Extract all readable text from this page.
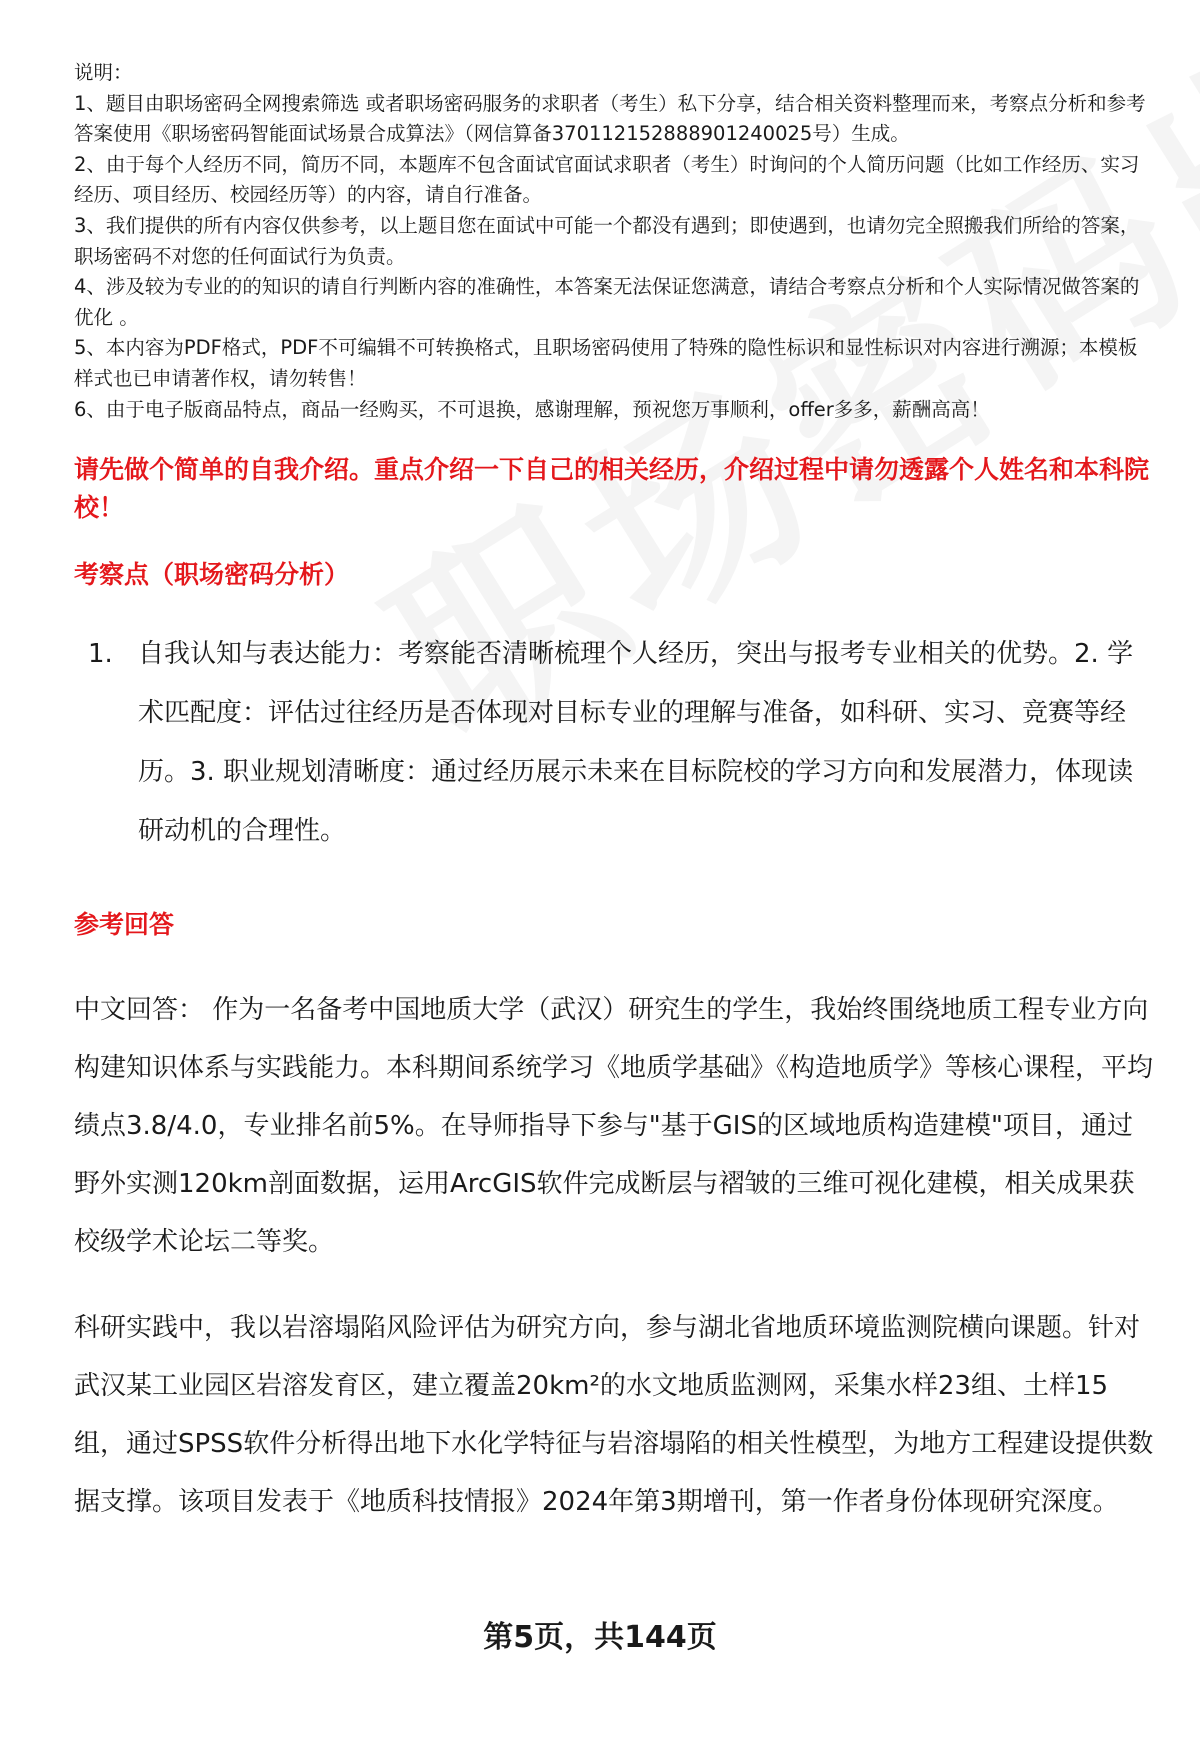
说明：

1、题目由职场密码全网搜索筛选 或者职场密码服务的求职者（考生）私下分享，结合相关资料整理而来，考察点分析和参考答案使用《职场密码智能面试场景合成算法》（网信算备370112152888901240025号）生成。

2、由于每个人经历不同，简历不同，本题库不包含面试官面试求职者（考生）时询问的个人简历问题（比如工作经历、实习经历、项目经历、校园经历等）的内容，请自行准备。

3、我们提供的所有内容仅供参考，以上题目您在面试中可能一个都没有遇到；即使遇到，也请勿完全照搬我们所给的答案，职场密码不对您的任何面试行为负责。

4、涉及较为专业的的知识的请自行判断内容的准确性，本答案无法保证您满意，请结合考察点分析和个人实际情况做答案的优化 。

5、本内容为PDF格式，PDF不可编辑不可转换格式，且职场密码使用了特殊的隐性标识和显性标识对内容进行溯源；本模板样式也已申请著作权，请勿转售！

6、由于电子版商品特点，商品一经购买，不可退换，感谢理解，预祝您万事顺利，offer多多，薪酬高高！

请先做个简单的自我介绍。重点介绍一下自己的相关经历，介绍过程中请勿透露个人姓名和本科院校！
考察点（职场密码分析）
1. 自我认知与表达能力：考察能否清晰梳理个人经历，突出与报考专业相关的优势。2. 学术匹配度：评估过往经历是否体现对目标专业的理解与准备，如科研、实习、竞赛等经历。3. 职业规划清晰度：通过经历展示未来在目标院校的学习方向和发展潜力，体现读研动机的合理性。
参考回答

中文回答： 作为一名备考中国地质大学（武汉）研究生的学生，我始终围绕地质工程专业方向构建知识体系与实践能力。本科期间系统学习《地质学基础》《构造地质学》等核心课程，平均绩点3.8/4.0，专业排名前5%。在导师指导下参与"基于GIS的区域地质构造建模"项目，通过野外实测120km剖面数据，运用ArcGIS软件完成断层与褶皱的三维可视化建模，相关成果获校级学术论坛二等奖。

科研实践中，我以岩溶塌陷风险评估为研究方向，参与湖北省地质环境监测院横向课题。针对武汉某工业园区岩溶发育区，建立覆盖20km²的水文地质监测网，采集水样23组、土样15组，通过SPSS软件分析得出地下水化学特征与岩溶塌陷的相关性模型，为地方工程建设提供数据支撑。该项目发表于《地质科技情报》2024年第3期增刊，第一作者身份体现研究深度。

第5页，共144页
